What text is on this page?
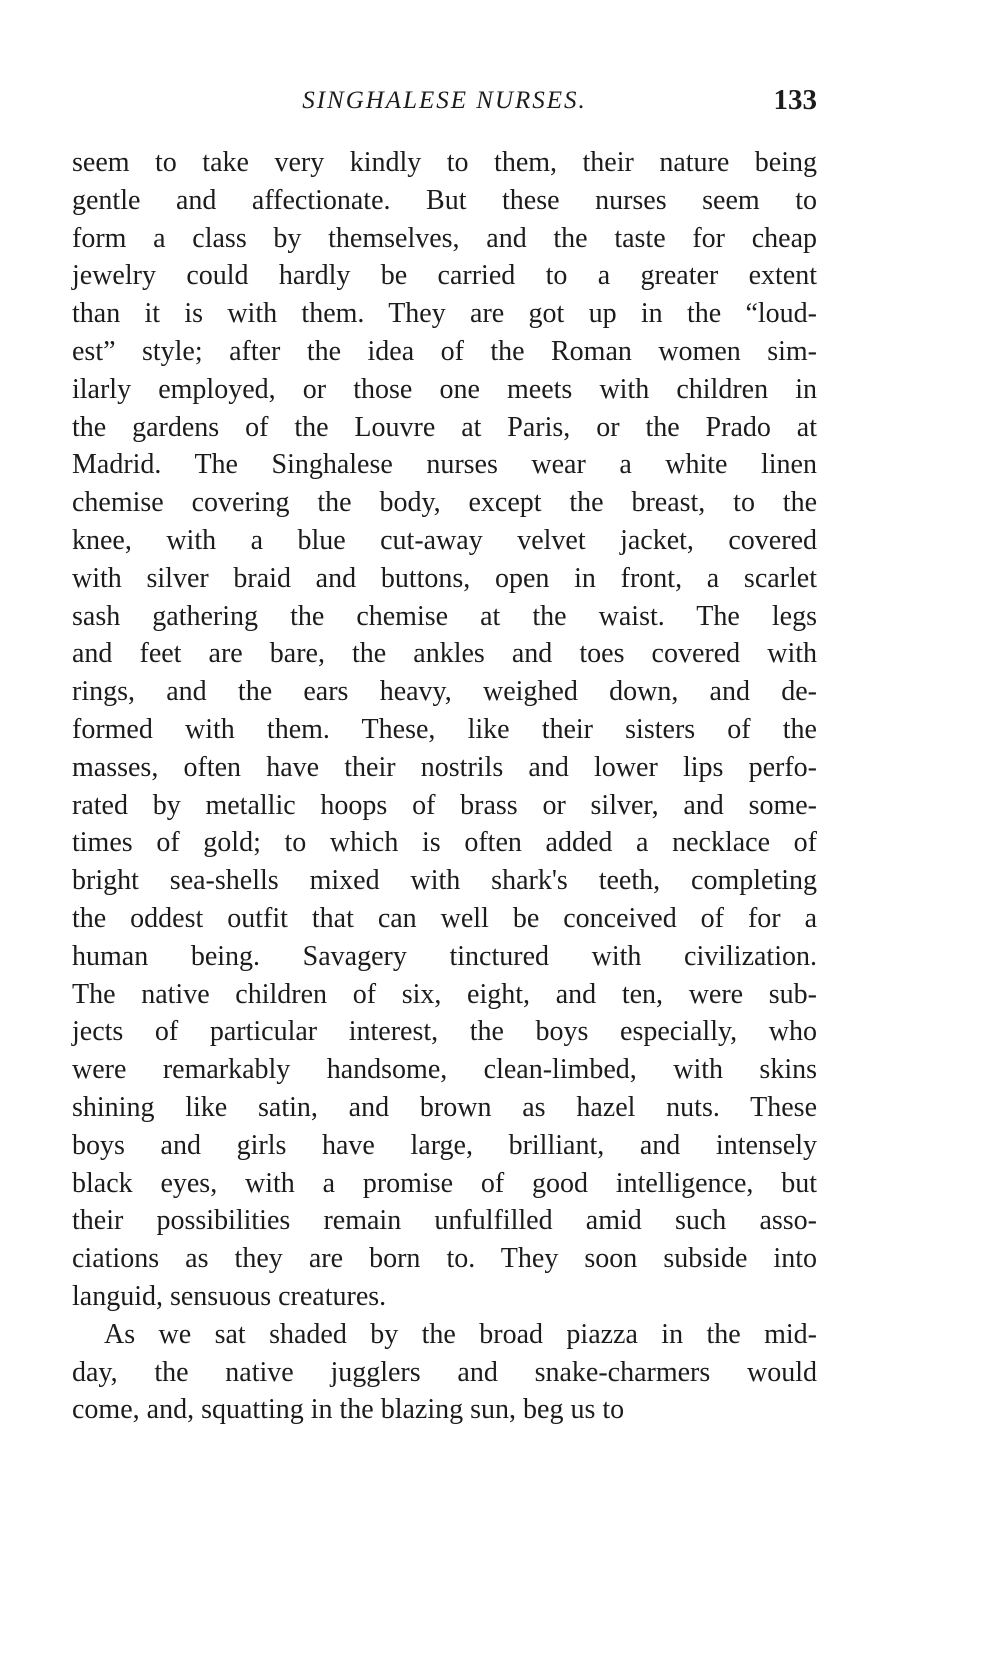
SINGHALESE NURSES.	133
seem to take very kindly to them, their nature being
gentle and affectionate. But these nurses seem to
form a class by themselves, and the taste for cheap
jewelry could hardly be carried to a greater extent
than it is with them. They are got up in the “loud-
est” style; after the idea of the Roman women sim-
ilarly employed, or those one meets with children in
the gardens of the Louvre at Paris, or the Prado at
Madrid. The Singhalese nurses wear a white linen
chemise covering the body, except the breast, to the
knee, with a blue cut-away velvet jacket, covered
with silver braid and buttons, open in front, a scarlet
sash gathering the chemise at the waist. The legs
and feet are bare, the ankles and toes covered with
rings, and the ears heavy, weighed down, and de-
formed with them. These, like their sisters of the
masses, often have their nostrils and lower lips perfo-
rated by metallic hoops of brass or silver, and some-
times of gold; to which is often added a necklace of
bright sea-shells mixed with shark's teeth, completing
the oddest outfit that can well be conceived of for a
human being. Savagery tinctured with civilization.
The native children of six, eight, and ten, were sub-
jects of particular interest, the boys especially, who
were remarkably handsome, clean-limbed, with skins
shining like satin, and brown as hazel nuts. These
boys and girls have large, brilliant, and intensely
black eyes, with a promise of good intelligence, but
their possibilities remain unfulfilled amid such asso-
ciations as they are born to. They soon subside into
languid, sensuous creatures.
As we sat shaded by the broad piazza in the mid-
day, the native jugglers and snake-charmers would
come, and, squatting in the blazing sun, beg us to
